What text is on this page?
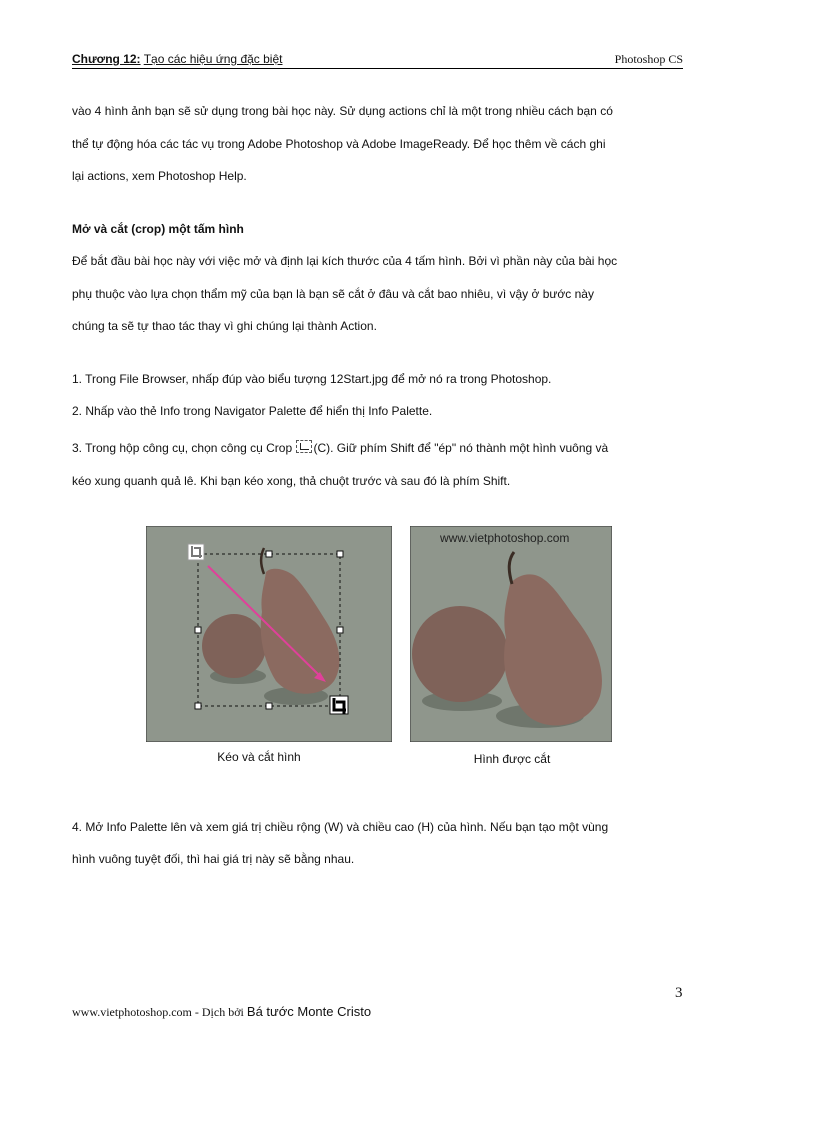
Chương 12: Tạo các hiệu ứng đặc biệt	Photoshop CS
vào 4 hình ảnh bạn sẽ sử dụng trong bài học này. Sử dụng actions chỉ là một trong nhiều cách bạn có
thể tự động hóa các tác vụ trong Adobe Photoshop và Adobe ImageReady. Để học thêm về cách ghi
lại actions, xem Photoshop Help.
Mở và cắt (crop) một tấm hình
Để bắt đầu bài học này với việc mở và định lại kích thước của 4 tấm hình. Bởi vì phần này của bài học
phụ thuộc vào lựa chọn thẩm mỹ của bạn là bạn sẽ cắt ở đâu và cắt bao nhiêu, vì vậy ở bước này
chúng ta sẽ tự thao tác thay vì ghi chúng lại thành Action.
1. Trong File Browser, nhấp đúp vào biểu tượng 12Start.jpg để mở nó ra trong Photoshop.
2. Nhấp vào thẻ Info trong Navigator Palette để hiển thị Info Palette.
3. Trong hộp công cụ, chọn công cụ Crop (C). Giữ phím Shift để "ép" nó thành một hình vuông và
kéo xung quanh quả lê. Khi bạn kéo xong, thả chuột trước và sau đó là phím Shift.
Kéo và cắt hình
www.vietphotoshop.com
Hình được cắt
4. Mở Info Palette lên và xem giá trị chiều rộng (W) và chiều cao (H) của hình. Nếu bạn tạo một vùng
hình vuông tuyệt đối, thì hai giá trị này sẽ bằng nhau.
3
www.vietphotoshop.com - Dịch bởi Bá tước Monte Cristo
